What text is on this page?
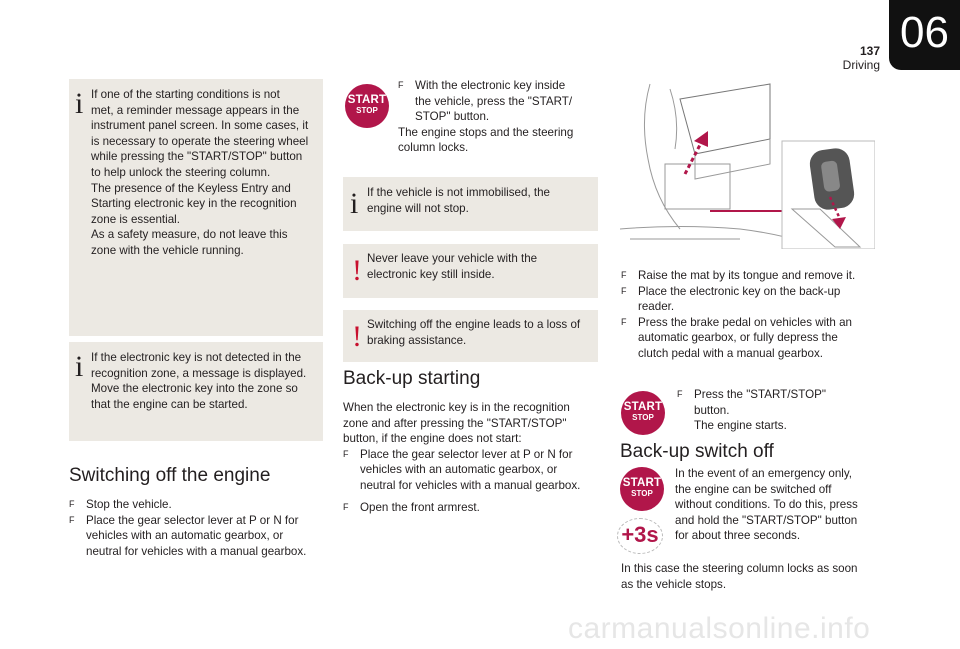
137
Driving
06
i If one of the starting conditions is not

met, a reminder message appears in the

instrument panel screen. In some cases, it

is necessary to operate the steering wheel

while pressing the "START/STOP" button

to help unlock the steering column.

The presence of the Keyless Entry and

Starting electronic key in the recognition

zone is essential.

As a safety measure, do not leave this

zone with the vehicle running.

i If the electronic key is not detected in the

recognition zone, a message is displayed.

Move the electronic key into the zone so

that the engine can be started.

Switching off the engine
F Stop the vehicle.

F Place the gear selector lever at P or N for

vehicles with an automatic gearbox, or

neutral for vehicles with a manual gearbox.

START
STOP
F With the electronic key inside

the vehicle, press the "START/

STOP" button.

The engine stops and the steering

column locks.

i If the vehicle is not immobilised, the

engine will not stop.

! Never leave your vehicle with the

electronic key still inside.

! Switching off the engine leads to a loss of

braking assistance.

Back-up starting

When the electronic key is in the recognition

zone and after pressing the "START/STOP"

button, if the engine does not start:

F Place the gear selector lever at P or N for

vehicles with an automatic gearbox, or

neutral for vehicles with a manual gearbox.

F Open the front armrest.

F Raise the mat by its tongue and remove it.

F Place the electronic key on the back-up

reader.

F Press the brake pedal on vehicles with an

automatic gearbox, or fully depress the

clutch pedal with a manual gearbox.

START
STOP
F Press the "START/STOP"

button.

The engine starts.

Back-up switch off
START
STOP
+3s

In the event of an emergency only,

the engine can be switched off

without conditions. To do this, press

and hold the "START/STOP" button

for about three seconds.

In this case the steering column locks as soon

as the vehicle stops.

carmanualsonline.info
